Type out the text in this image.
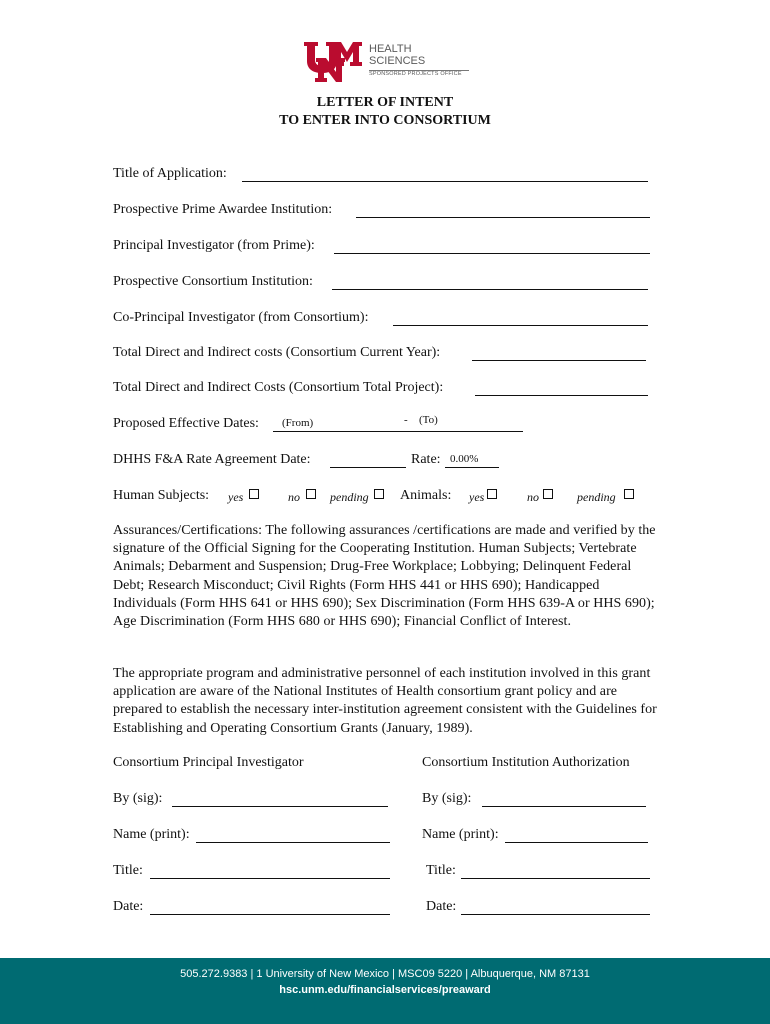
HEALTH
SCIENCES
SPONSORED PROJECTS OFFICE
LETTER OF INTENT
TO ENTER INTO CONSORTIUM
Title of Application:
Prospective Prime Awardee Institution:
Principal Investigator (from Prime):
Prospective Consortium Institution:
Co-Principal Investigator (from Consortium):
Total Direct and Indirect costs (Consortium Current Year):
Total Direct and Indirect Costs (Consortium Total Project):
Proposed Effective Dates: (From)	- (To)
DHHS F&A Rate Agreement Date:	Rate: 0.00%
Human Subjects: yes	no	pending Animals: yes	no	pending
Assurances/Certifications: The following assurances /certifications are made and verified by the signature of the Official Signing for the Cooperating Institution. Human Subjects; Vertebrate Animals; Debarment and Suspension; Drug-Free Workplace; Lobbying; Delinquent Federal Debt; Research Misconduct; Civil Rights (Form HHS 441 or HHS 690); Handicapped Individuals (Form HHS 641 or HHS 690); Sex Discrimination (Form HHS 639-A or HHS 690); Age Discrimination (Form HHS 680 or HHS 690); Financial Conflict of Interest.
The appropriate program and administrative personnel of each institution involved in this grant application are aware of the National Institutes of Health consortium grant policy and are prepared to establish the necessary inter-institution agreement consistent with the Guidelines for Establishing and Operating Consortium Grants (January, 1989).
Consortium Principal Investigator	Consortium Institution Authorization
By (sig):	By (sig):
Name (print):	Name (print):
Title:	Title:
Date:	Date:
505.272.9383 | 1 University of New Mexico | MSC09 5220 | Albuquerque, NM 87131
hsc.unm.edu/financialservices/preaward
